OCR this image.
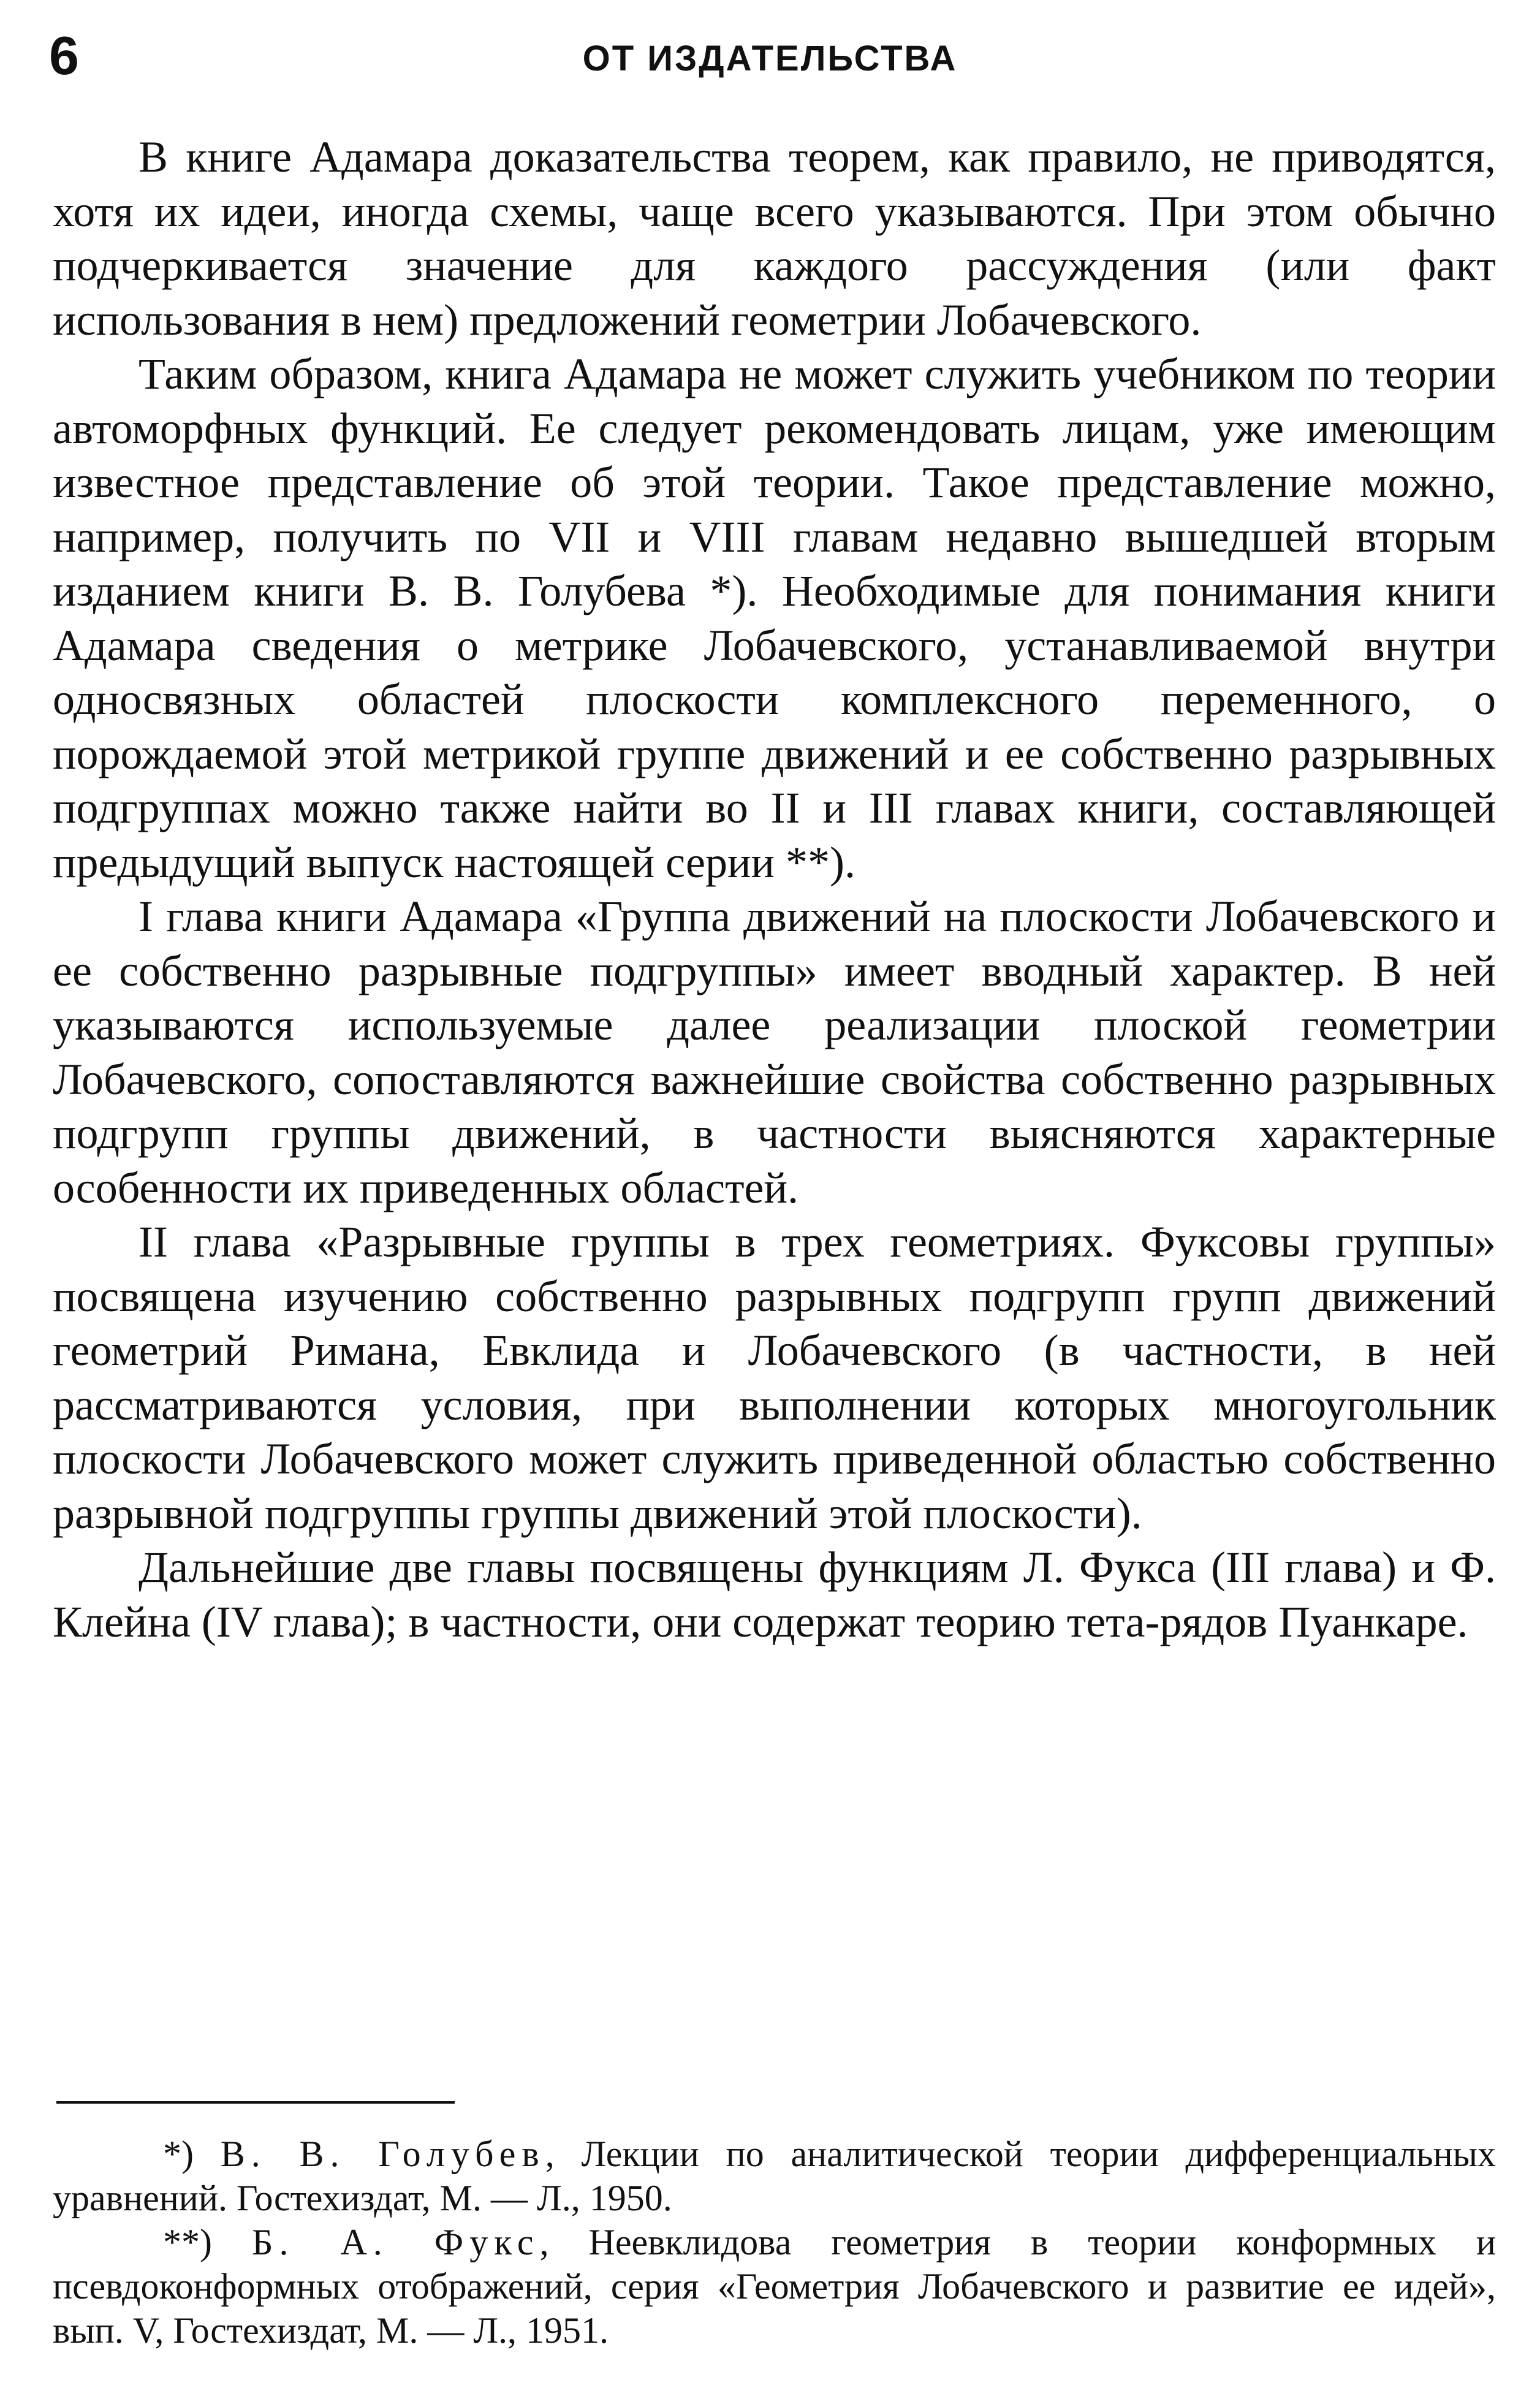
6	ОТ ИЗДАТЕЛЬСТВА

В книге Адамара доказательства теорем, как правило, не приводятся, хотя их идеи, иногда схемы, чаще всего указываются. При этом обычно подчеркивается значение для каждого рассуждения (или факт использования в нем) предложений геометрии Лобачевского.

Таким образом, книга Адамара не может служить учебником по теории автоморфных функций. Ее следует рекомендовать лицам, уже имеющим известное представление об этой теории. Такое представление можно, например, получить по VII и VIII главам недавно вышедшей вторым изданием книги В. В. Голубева *). Необходимые для понимания книги Адамара сведения о метрике Лобачевского, устанавливаемой внутри односвязных областей плоскости комплексного переменного, о порождаемой этой метрикой группе движений и ее собственно разрывных подгруппах можно также найти во II и III главах книги, составляющей предыдущий выпуск настоящей серии **).

I глава книги Адамара «Группа движений на плоскости Лобачевского и ее собственно разрывные подгруппы» имеет вводный характер. В ней указываются используемые далее реализации плоской геометрии Лобачевского, сопоставляются важнейшие свойства собственно разрывных подгрупп группы движений, в частности выясняются характерные особенности их приведенных областей.

II глава «Разрывные группы в трех геометриях. Фуксовы группы» посвящена изучению собственно разрывных подгрупп групп движений геометрий Римана, Евклида и Лобачевского (в частности, в ней рассматриваются условия, при выполнении которых многоугольник плоскости Лобачевского может служить приведенной областью собственно разрывной подгруппы группы движений этой плоскости).

Дальнейшие две главы посвящены функциям Л. Фукса (III глава) и Ф. Клейна (IV глава); в частности, они содержат теорию тета-рядов Пуанкаре.

*) В. В. Голубев, Лекции по аналитической теории дифференциальных уравнений. Гостехиздат, М. — Л., 1950.

**) Б. А. Фукс, Неевклидова геометрия в теории конформных и псевдоконформных отображений, серия «Геометрия Лобачевского и развитие ее идей», вып. V, Гостехиздат, М. — Л., 1951.
